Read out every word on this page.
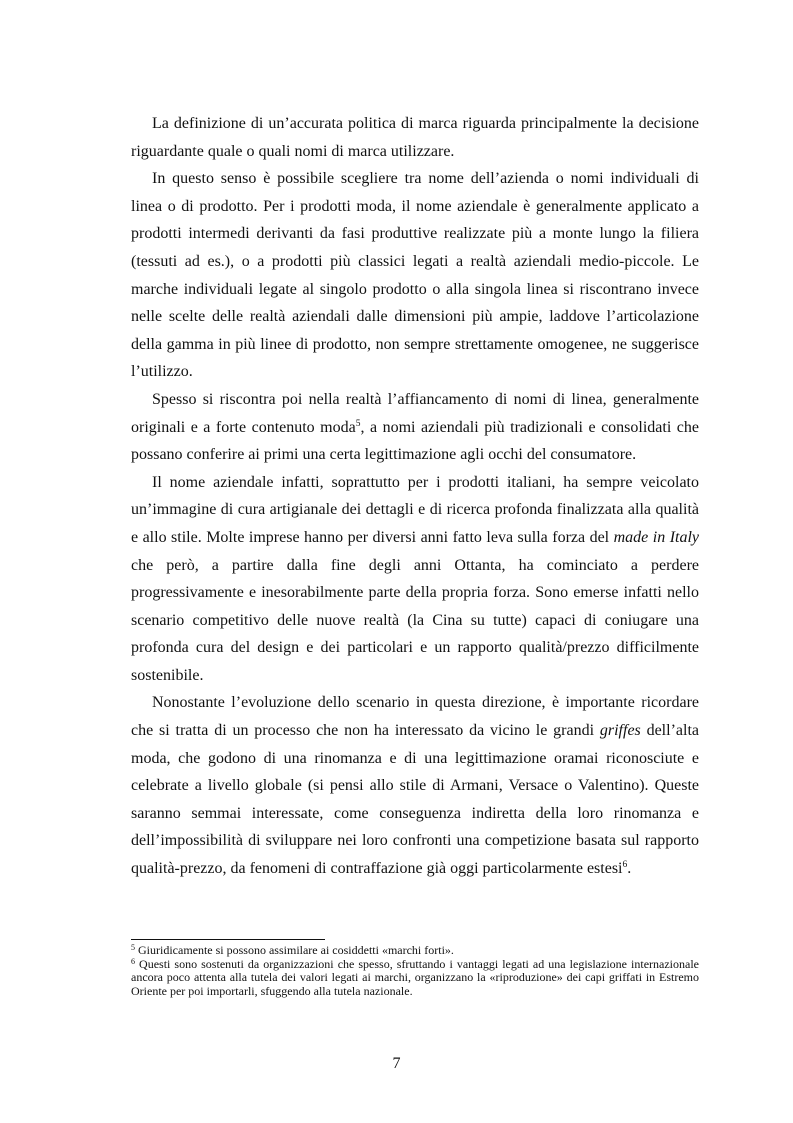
La definizione di un’accurata politica di marca riguarda principalmente la decisione riguardante quale o quali nomi di marca utilizzare.

In questo senso è possibile scegliere tra nome dell’azienda o nomi individuali di linea o di prodotto. Per i prodotti moda, il nome aziendale è generalmente applicato a prodotti intermedi derivanti da fasi produttive realizzate più a monte lungo la filiera (tessuti ad es.), o a prodotti più classici legati a realtà aziendali medio-piccole. Le marche individuali legate al singolo prodotto o alla singola linea si riscontrano invece nelle scelte delle realtà aziendali dalle dimensioni più ampie, laddove l’articolazione della gamma in più linee di prodotto, non sempre strettamente omogenee, ne suggerisce l’utilizzo.

Spesso si riscontra poi nella realtà l’affiancamento di nomi di linea, generalmente originali e a forte contenuto moda$^5$, a nomi aziendali più tradizionali e consolidati che possano conferire ai primi una certa legittimazione agli occhi del consumatore.

Il nome aziendale infatti, soprattutto per i prodotti italiani, ha sempre veicolato un’immagine di cura artigianale dei dettagli e di ricerca profonda finalizzata alla qualità e allo stile. Molte imprese hanno per diversi anni fatto leva sulla forza del made in Italy che però, a partire dalla fine degli anni Ottanta, ha cominciato a perdere progressivamente e inesorabilmente parte della propria forza. Sono emerse infatti nello scenario competitivo delle nuove realtà (la Cina su tutte) capaci di coniugare una profonda cura del design e dei particolari e un rapporto qualità/prezzo difficilmente sostenibile.

Nonostante l’evoluzione dello scenario in questa direzione, è importante ricordare che si tratta di un processo che non ha interessato da vicino le grandi griffes dell’alta moda, che godono di una rinomanza e di una legittimazione oramai riconosciute e celebrate a livello globale (si pensi allo stile di Armani, Versace o Valentino). Queste saranno semmai interessate, come conseguenza indiretta della loro rinomanza e dell’impossibilità di sviluppare nei loro confronti una competizione basata sul rapporto qualità-prezzo, da fenomeni di contraffazione già oggi particolarmente estesi$^6$.

$^5$ Giuridicamente si possono assimilare ai cosiddetti «marchi forti».

$^6$ Questi sono sostenuti da organizzazioni che spesso, sfruttando i vantaggi legati ad una legislazione internazionale ancora poco attenta alla tutela dei valori legati ai marchi, organizzano la «riproduzione» dei capi griffati in Estremo Oriente per poi importarli, sfuggendo alla tutela nazionale.

7
